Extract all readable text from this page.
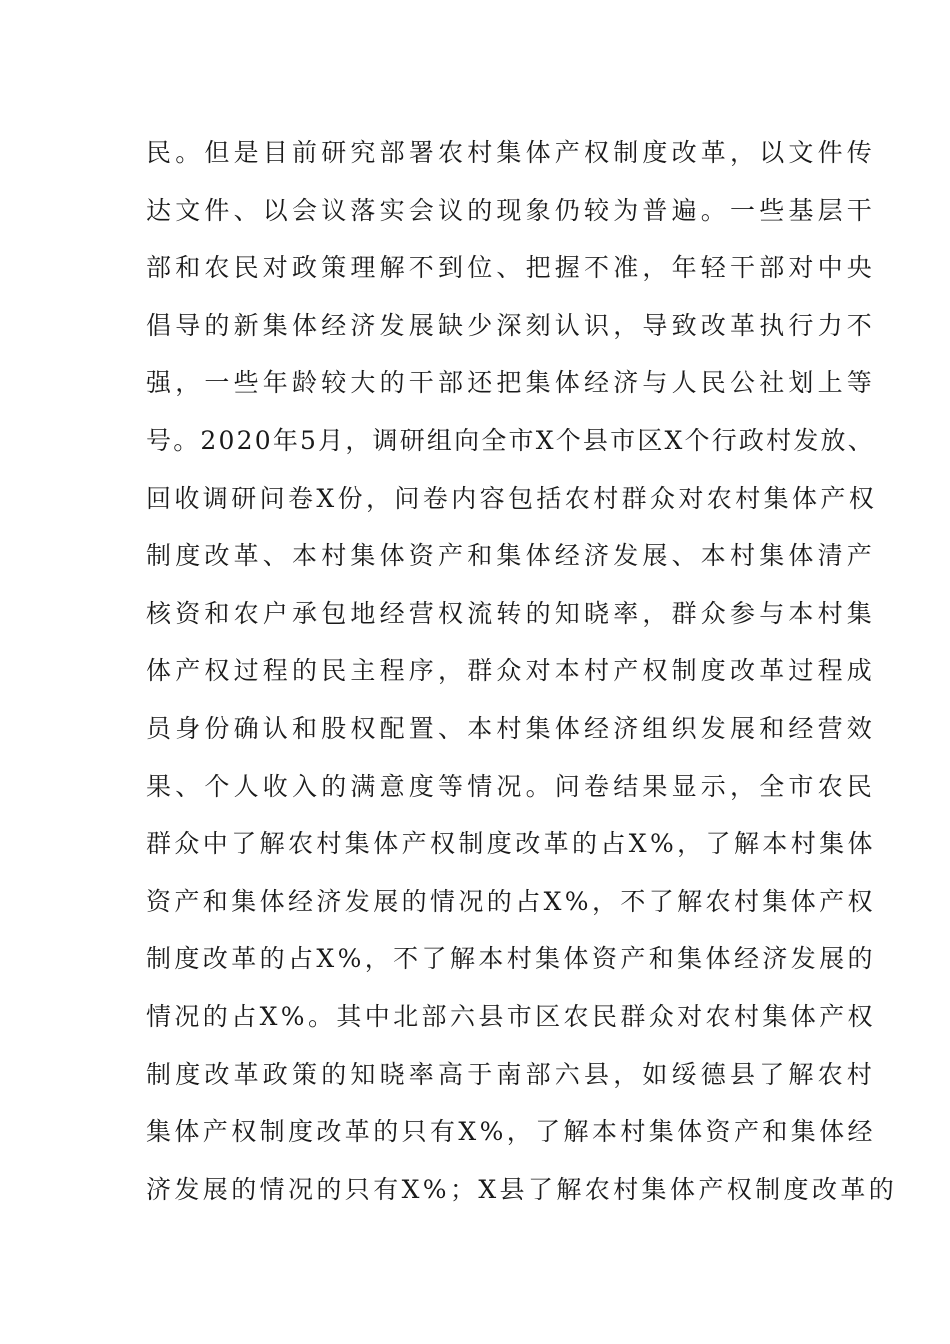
民。但是目前研究部署农村集体产权制度改革，以文件传
达文件、以会议落实会议的现象仍较为普遍。一些基层干
部和农民对政策理解不到位、把握不准，年轻干部对中央
倡导的新集体经济发展缺少深刻认识，导致改革执行力不
强，一些年龄较大的干部还把集体经济与人民公社划上等
号。2020年5月，调研组向全市X个县市区X个行政村发放、
回收调研问卷X份，问卷内容包括农村群众对农村集体产权
制度改革、本村集体资产和集体经济发展、本村集体清产
核资和农户承包地经营权流转的知晓率，群众参与本村集
体产权过程的民主程序，群众对本村产权制度改革过程成
员身份确认和股权配置、本村集体经济组织发展和经营效
果、个人收入的满意度等情况。问卷结果显示，全市农民
群众中了解农村集体产权制度改革的占X%，了解本村集体
资产和集体经济发展的情况的占X%，不了解农村集体产权
制度改革的占X%，不了解本村集体资产和集体经济发展的
情况的占X%。其中北部六县市区农民群众对农村集体产权
制度改革政策的知晓率高于南部六县，如绥德县了解农村
集体产权制度改革的只有X%，了解本村集体资产和集体经
济发展的情况的只有X%；X县了解农村集体产权制度改革的
